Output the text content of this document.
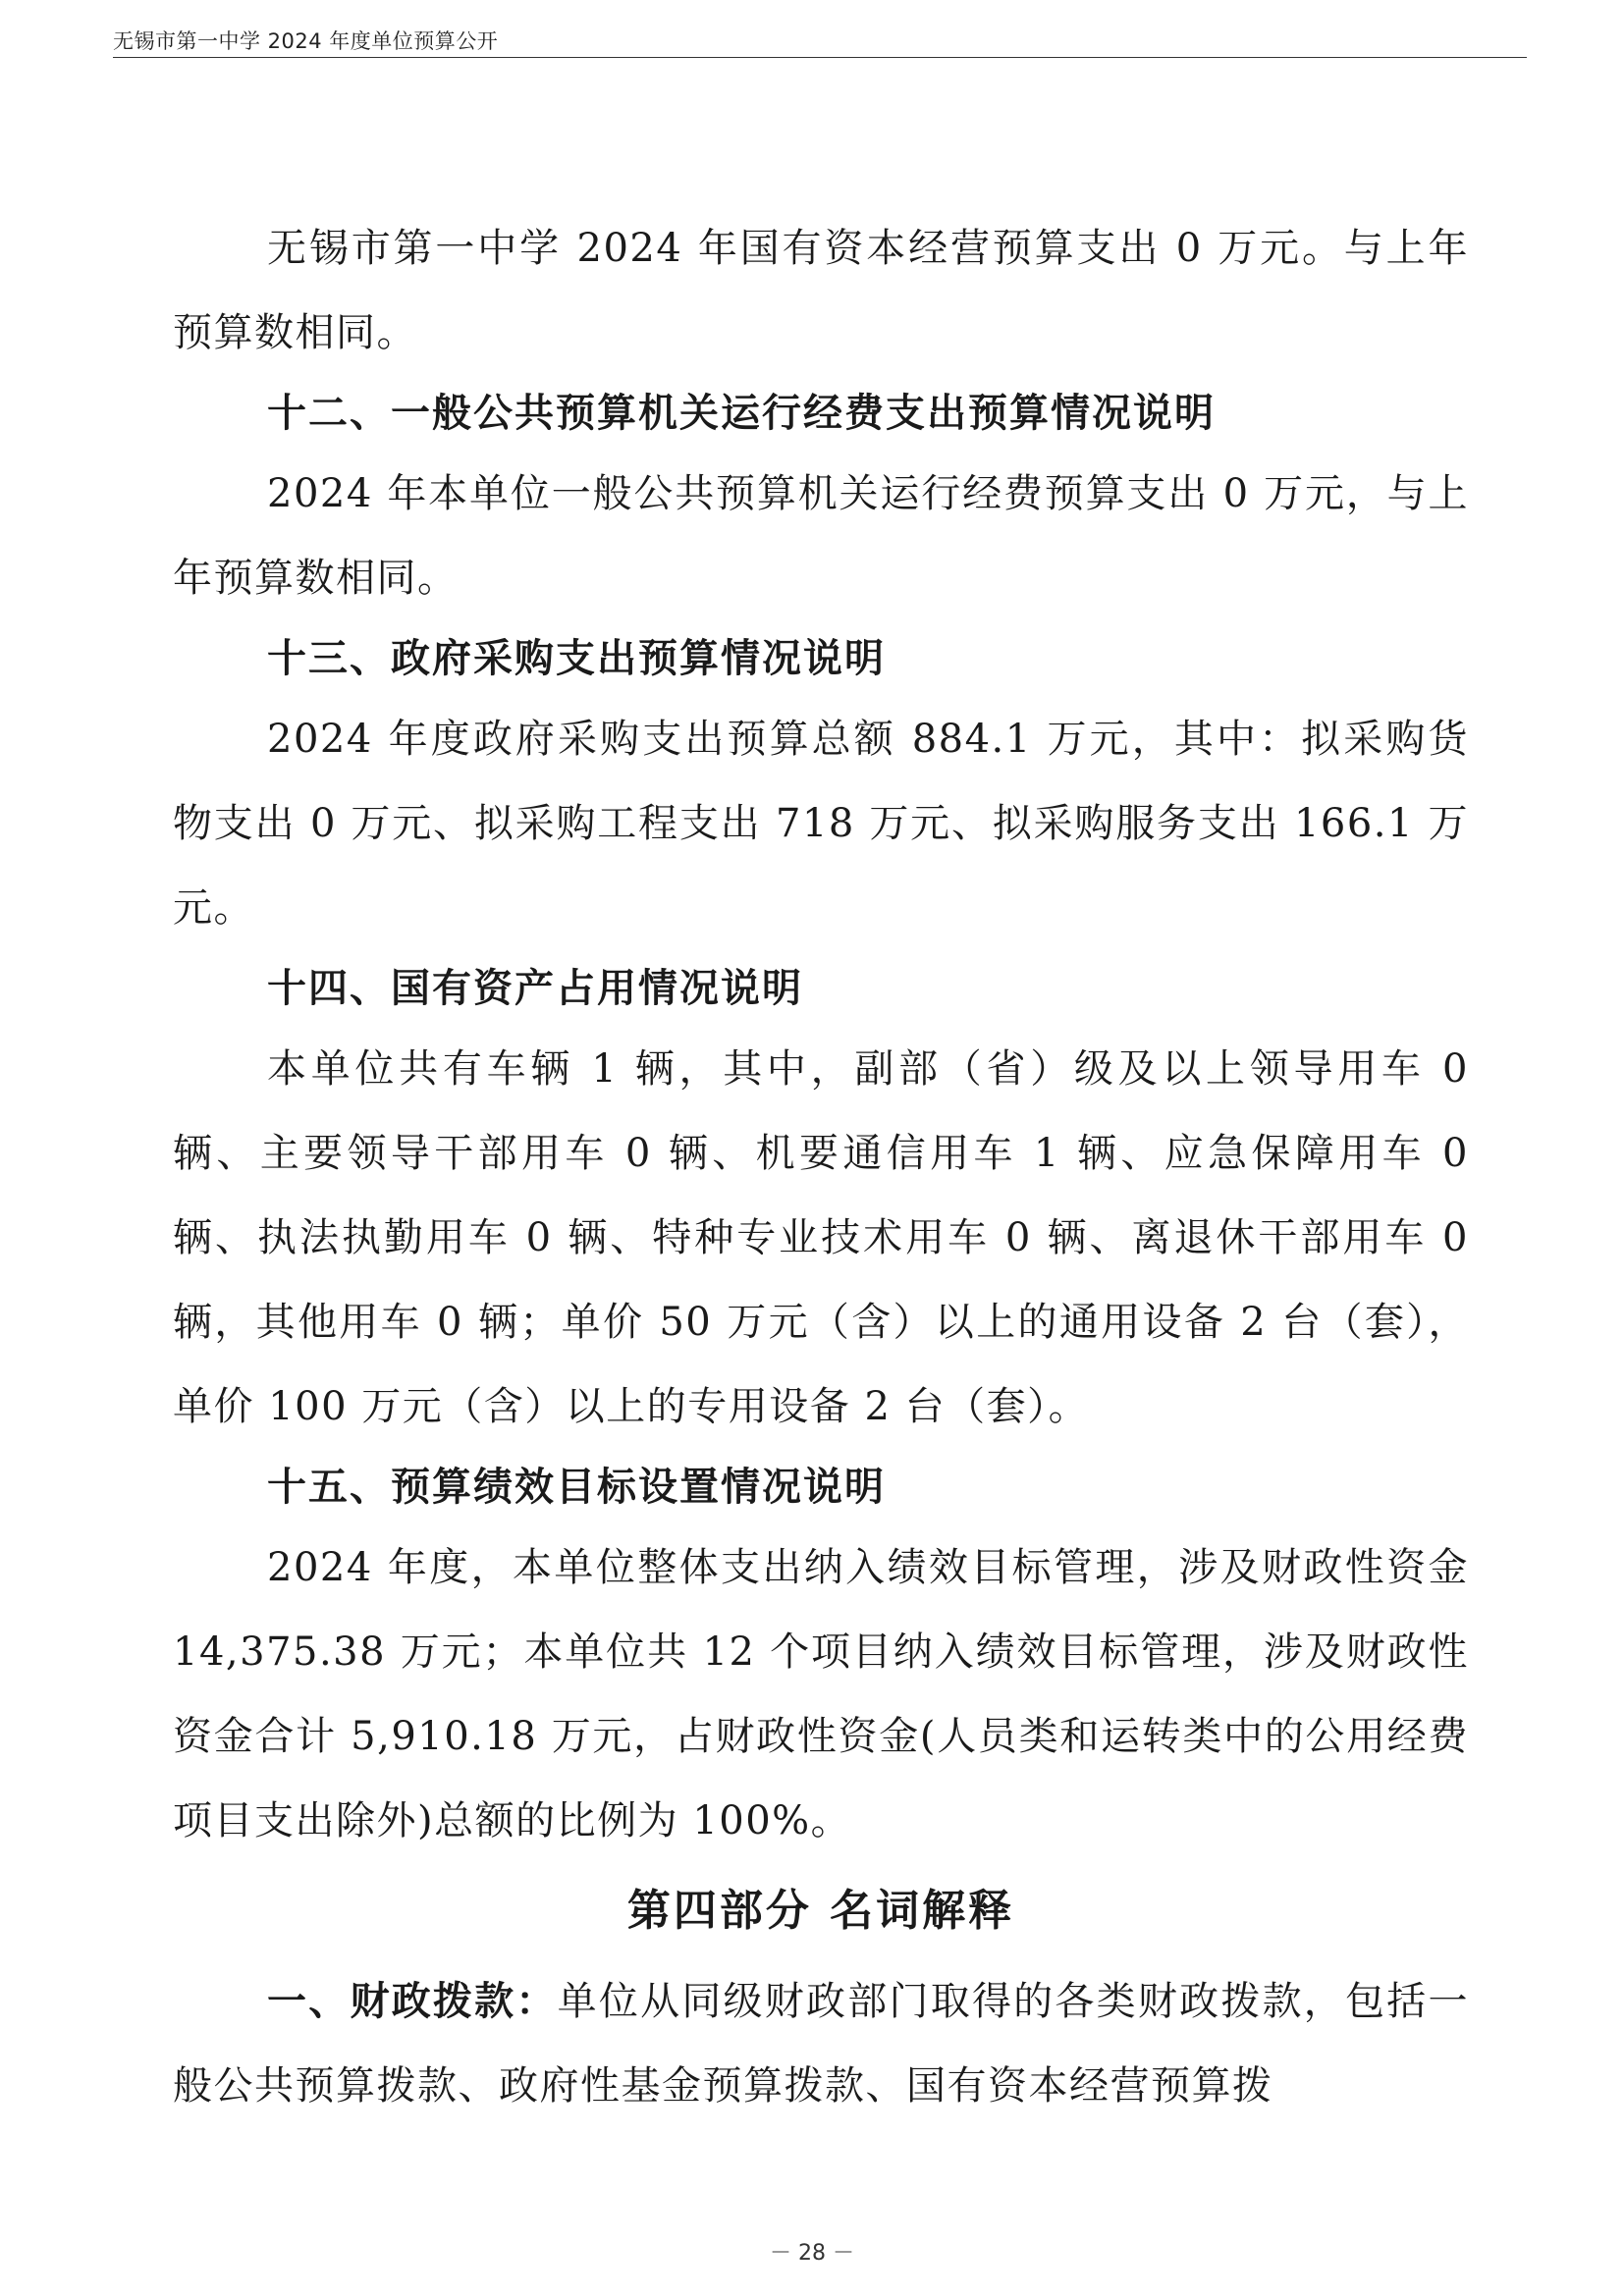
无锡市第一中学 2024 年度单位预算公开

无锡市第一中学 2024 年国有资本经营预算支出 0 万元。与上年预算数相同。

十二、一般公共预算机关运行经费支出预算情况说明

2024 年本单位一般公共预算机关运行经费预算支出 0 万元，与上年预算数相同。

十三、政府采购支出预算情况说明

2024 年度政府采购支出预算总额 884.1 万元，其中：拟采购货物支出 0 万元、拟采购工程支出 718 万元、拟采购服务支出 166.1 万元。

十四、国有资产占用情况说明

本单位共有车辆 1 辆，其中，副部（省）级及以上领导用车 0 辆、主要领导干部用车 0 辆、机要通信用车 1 辆、应急保障用车 0 辆、执法执勤用车 0 辆、特种专业技术用车 0 辆、离退休干部用车 0 辆，其他用车 0 辆；单价 50 万元（含）以上的通用设备 2 台（套），单价 100 万元（含）以上的专用设备 2 台（套）。

十五、预算绩效目标设置情况说明

2024 年度，本单位整体支出纳入绩效目标管理，涉及财政性资金 14,375.38 万元；本单位共 12 个项目纳入绩效目标管理，涉及财政性资金合计 5,910.18 万元，占财政性资金(人员类和运转类中的公用经费项目支出除外)总额的比例为 100%。

第四部分 名词解释

一、财政拨款：单位从同级财政部门取得的各类财政拨款，包括一般公共预算拨款、政府性基金预算拨款、国有资本经营预算拨

－ 28 －
